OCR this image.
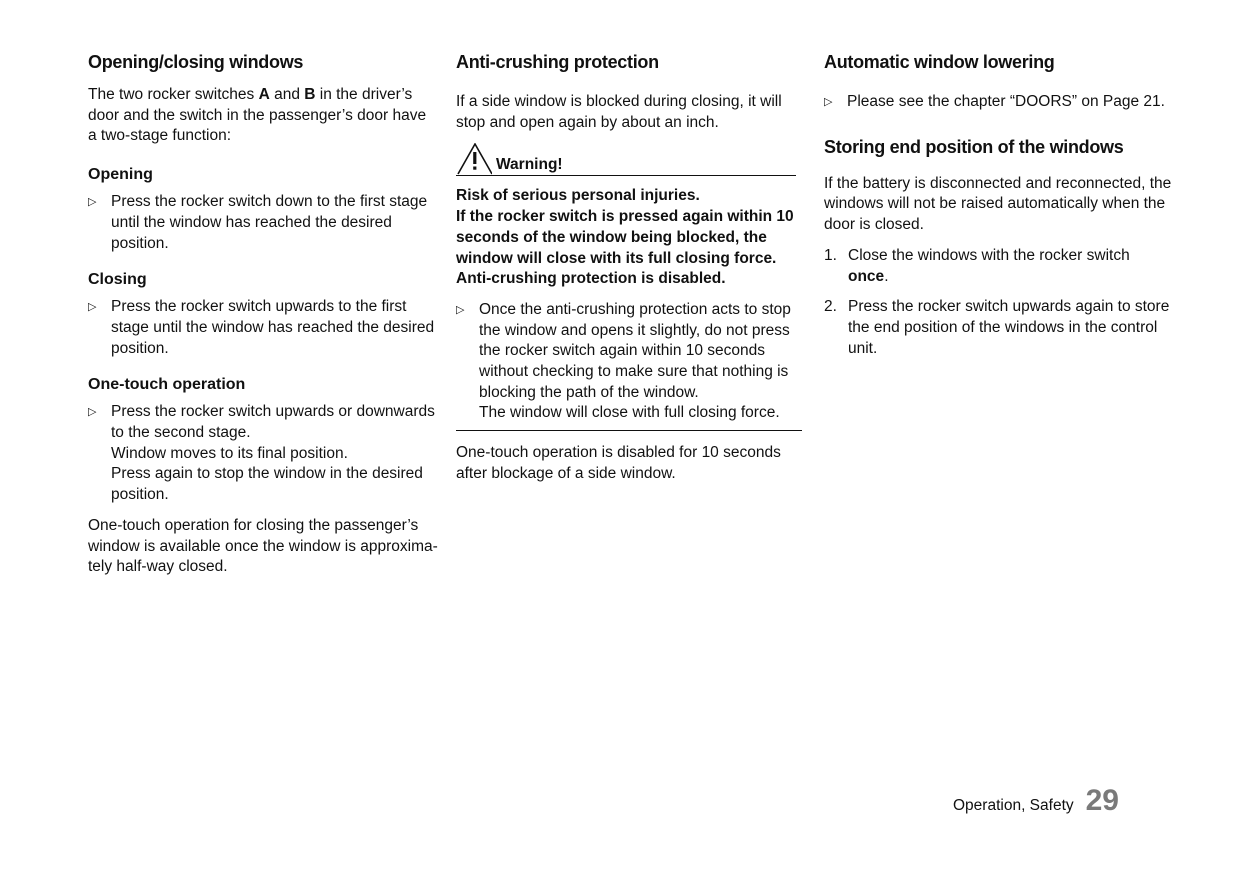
Opening/closing windows

The two rocker switches A and B in the driver’s door and the switch in the passenger’s door have a two-stage function:

Opening
▷ Press the rocker switch down to the first stage until the window has reached the desired position.
Closing
▷ Press the rocker switch upwards to the first stage until the window has reached the desired position.
One-touch operation
▷ Press the rocker switch upwards or downwards to the second stage.
Window moves to its final position.
Press again to stop the window in the desired position.

One-touch operation for closing the passenger’s window is available once the window is approxima-tely half-way closed.

Anti-crushing protection

If a side window is blocked during closing, it will stop and open again by about an inch.

Warning!

Risk of serious personal injuries.

If the rocker switch is pressed again within 10 seconds of the window being blocked, the window will close with its full closing force.

Anti-crushing protection is disabled.

▷ Once the anti-crushing protection acts to stop the window and opens it slightly, do not press the rocker switch again within 10 seconds without checking to make sure that nothing is blocking the path of the window.
The window will close with full closing force.

One-touch operation is disabled for 10 seconds after blockage of a side window.

Automatic window lowering
▷ Please see the chapter “DOORS” on Page 21.
Storing end position of the windows

If the battery is disconnected and reconnected, the windows will not be raised automatically when the door is closed.

1. Close the windows with the rocker switch once.
2. Press the rocker switch upwards again to store the end position of the windows in the control unit.
Operation, Safety 29
